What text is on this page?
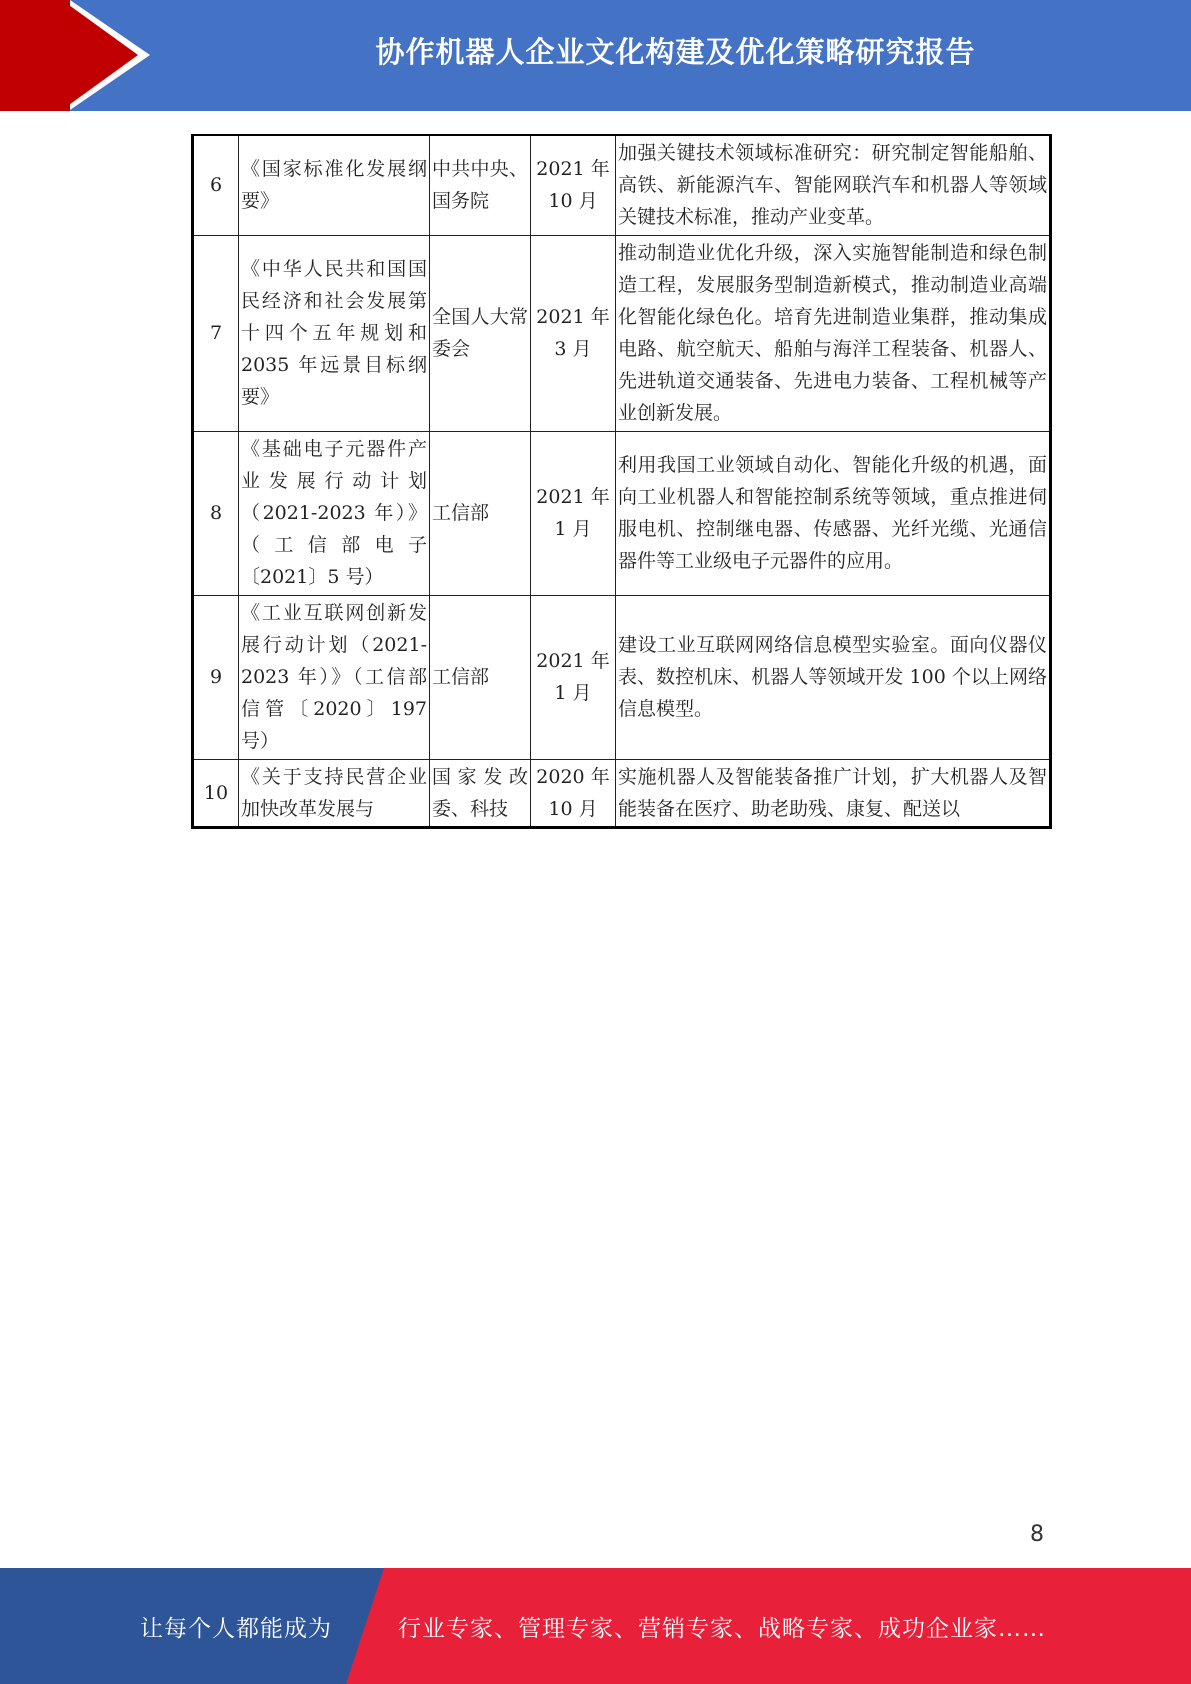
协作机器人企业文化构建及优化策略研究报告
6	《国家标准化发展纲要》	中共中央、国务院	2021 年 10 月	加强关键技术领域标准研究：研究制定智能船舶、高铁、新能源汽车、智能网联汽车和机器人等领域关键技术标准，推动产业变革。
7	《中华人民共和国国民经济和社会发展第十四个五年规划和 2035 年远景目标纲要》	全国人大常委会	2021 年 3 月	推动制造业优化升级，深入实施智能制造和绿色制造工程，发展服务型制造新模式，推动制造业高端化智能化绿色化。培育先进制造业集群，推动集成电路、航空航天、船舶与海洋工程装备、机器人、先进轨道交通装备、先进电力装备、工程机械等产业创新发展。
8	《基础电子元器件产业发展行动计划（2021-2023 年）》（工信部电子〔2021〕5 号）	工信部	2021 年 1 月	利用我国工业领域自动化、智能化升级的机遇，面向工业机器人和智能控制系统等领域，重点推进伺服电机、控制继电器、传感器、光纤光缆、光通信器件等工业级电子元器件的应用。
9	《工业互联网创新发展行动计划（2021-2023 年）》（工信部信管〔2020〕197 号）	工信部	2021 年 1 月	建设工业互联网网络信息模型实验室。面向仪器仪表、数控机床、机器人等领域开发 100 个以上网络信息模型。
10	《关于支持民营企业加快改革发展与	国家发改委、科技	2020 年 10 月	实施机器人及智能装备推广计划，扩大机器人及智能装备在医疗、助老助残、康复、配送以
8
让每个人都能成为	行业专家、管理专家、营销专家、战略专家、成功企业家……
